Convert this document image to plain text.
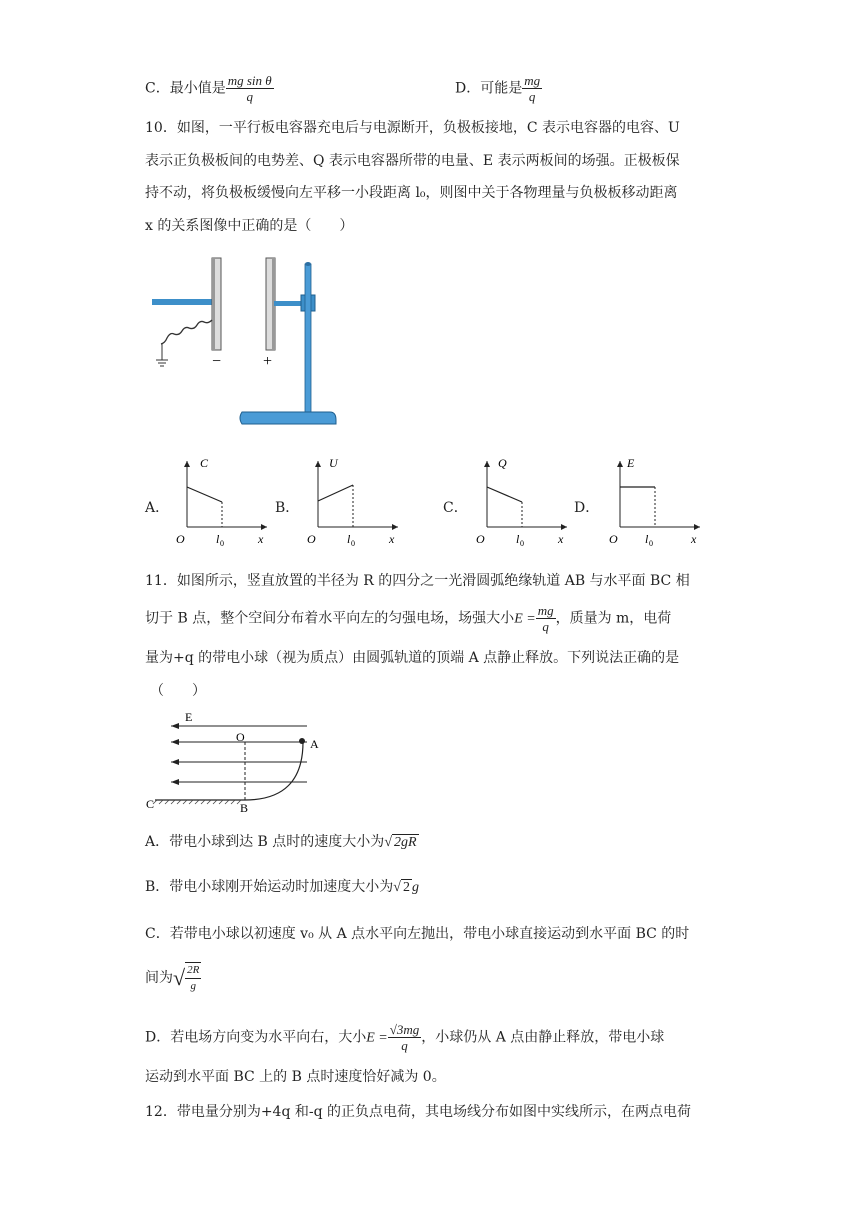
C．最小值是 $\frac{\text{mg sin θ}}{q}$	D．可能是 $\frac{mg}{q}$
10．如图，一平行板电容器充电后与电源断开，负极板接地，C 表示电容器的电容、U
表示正负极板间的电势差、Q 表示电容器所带的电量、E 表示两板间的场强。正极板保
持不动，将负极板缓慢向左平移一小段距离 l₀，则图中关于各物理量与负极板移动距离
x 的关系图像中正确的是（　　）
−	+
A．
C
O	l 0	x
B．
U
O	l 0	x
C．
Q
O	l 0	x
D．
E
O l 0	x
11．如图所示，竖直放置的半径为 R 的四分之一光滑圆弧绝缘轨道 AB 与水平面 BC 相
切于 B 点，整个空间分布着水平向左的匀强电场，场强大小$E = \frac{mg}{q}$ ，质量为 m，电荷
量为+q 的带电小球（视为质点）由圆弧轨道的顶端 A 点静止释放。下列说法正确的是
（　　）
E
O	A
B
C
A．带电小球到达 B 点时的速度大小为√ 2gR
B．带电小球刚开始运动时加速度大小为√ 2 g
C．若带电小球以初速度 v₀ 从 A 点水平向左抛出，带电小球直接运动到水平面 BC 的时
间为√ $\frac{2R}{g}$
D．若电场方向变为水平向右，大小$E = \frac{√3mg}{q}$ ，小球仍从 A 点由静止释放，带电小球
运动到水平面 BC 上的 B 点时速度恰好减为 0。
12．带电量分别为+4q 和-q 的正负点电荷，其电场线分布如图中实线所示，在两点电荷
